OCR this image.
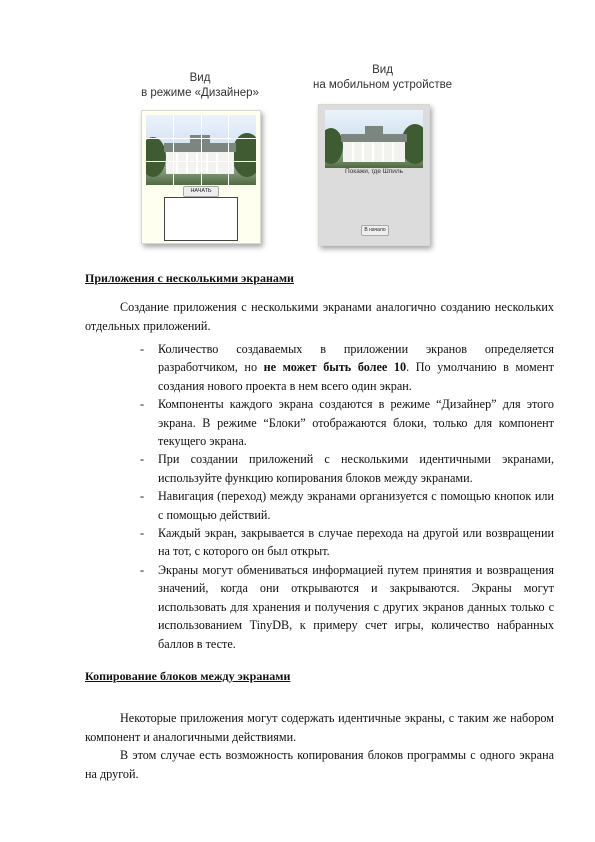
Вид
в режиме «Дизайнер»
Вид
на мобильном устройстве
НАЧАТЬ
Покажи, где Шпиль
В начало
Приложения с несколькими экранами
Создание приложения с несколькими экранами аналогично созданию нескольких отдельных приложений.
- Количество создаваемых в приложении экранов определяется разработчиком, но не может быть более 10. По умолчанию в момент создания нового проекта в нем всего один экран.
- Компоненты каждого экрана создаются в режиме “Дизайнер” для этого экрана. В режиме “Блоки” отображаются блоки, только для компонент текущего экрана.
- При создании приложений с несколькими идентичными экранами, используйте функцию копирования блоков между экранами.
- Навигация (переход) между экранами организуется с помощью кнопок или с помощью действий.
- Каждый экран, закрывается в случае перехода на другой или возвращении на тот, с которого он был открыт.
- Экраны могут обмениваться информацией путем принятия и возвращения значений, когда они открываются и закрываются. Экраны могут использовать для хранения и получения с других экранов данных только с использованием TinyDB, к примеру счет игры, количество набранных баллов в тесте.
Копирование блоков между экранами
Некоторые приложения могут содержать идентичные экраны, с таким же набором компонент и аналогичными действиями.
В этом случае есть возможность копирования блоков программы с одного экрана на другой.
